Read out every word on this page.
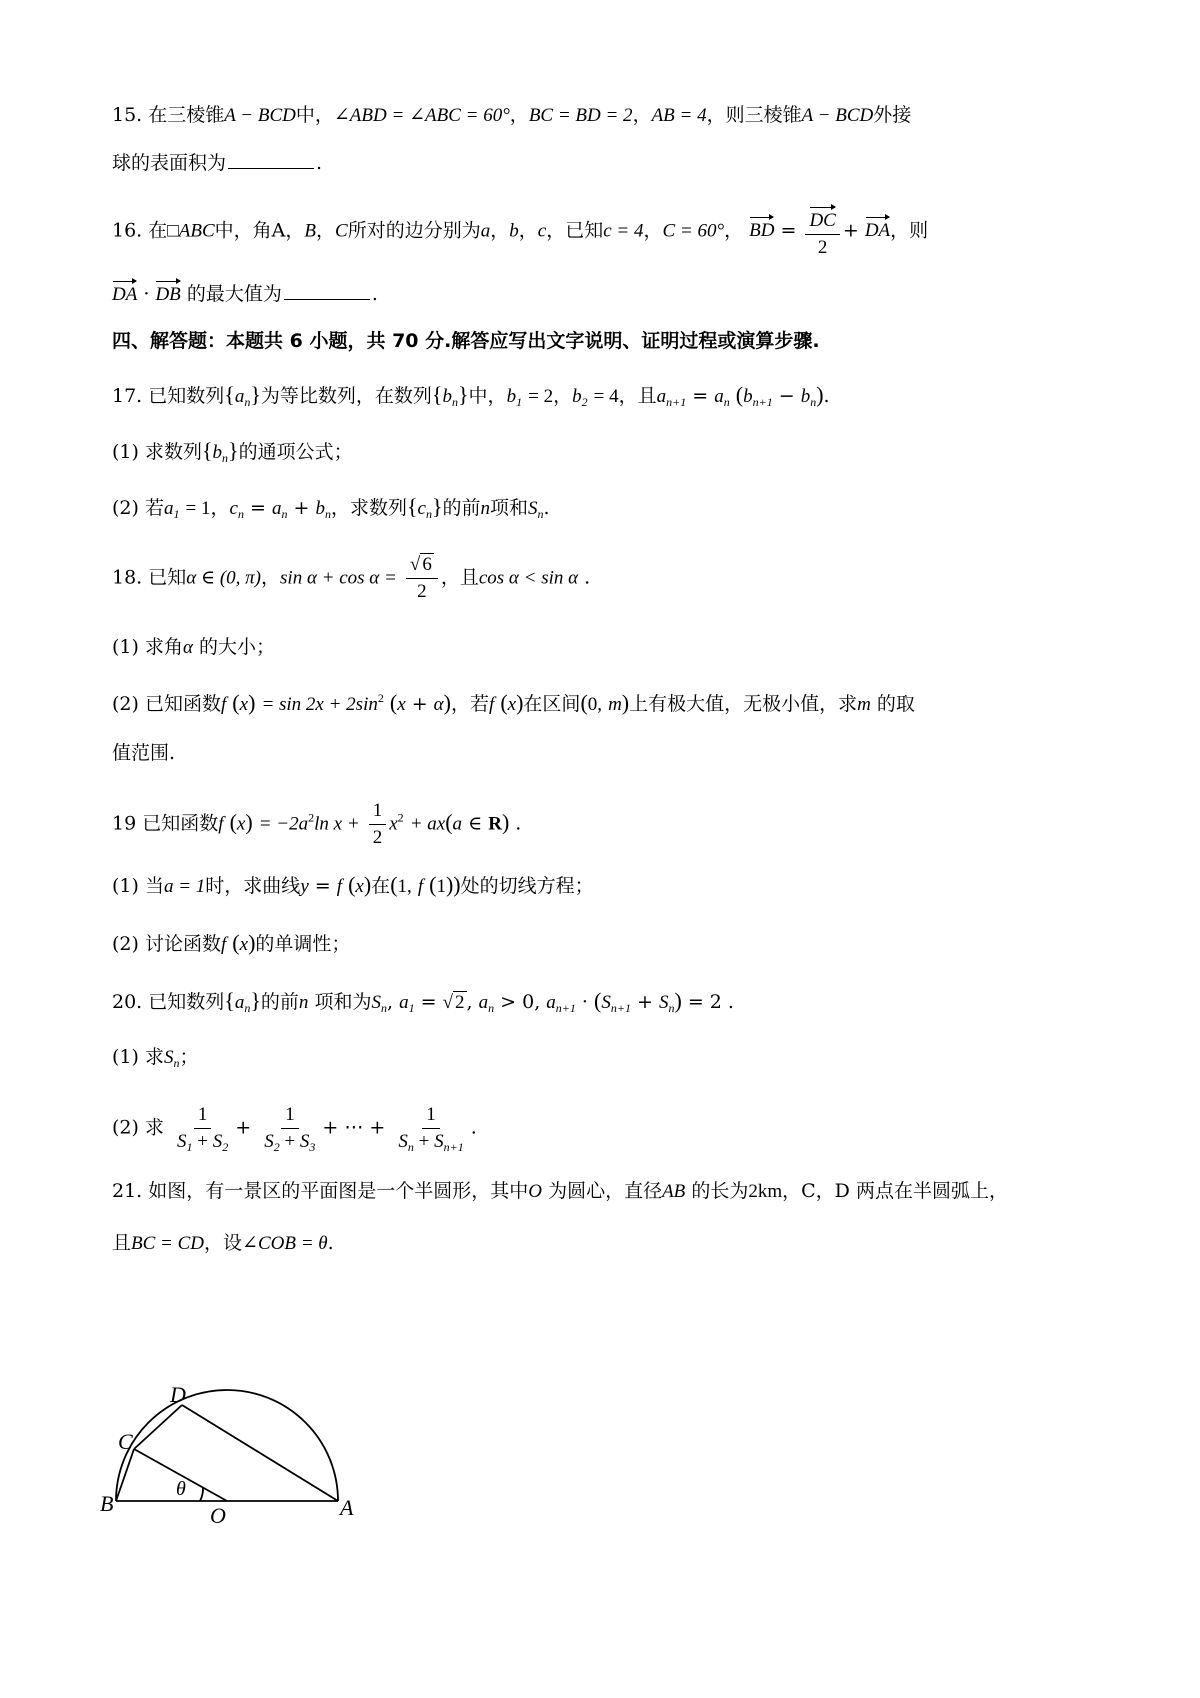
15. 在三棱锥A − BCD中，∠ABD = ∠ABC = 60°，BC = BD = 2，AB = 4，则三棱锥A − BCD外接
球的表面积为	.
16. 在□ABC中，角A，B，C所对的边分别为a，b，c，已知c = 4，C = 60°， BD = $\frac{DC}{2}$ + DA，则
DA · DB 的最大值为	.
四、解答题：本题共 6 小题，共 70 分.解答应写出文字说明、证明过程或演算步骤.
17. 已知数列$\{a_n\}$为等比数列，在数列$\{b_n\}$中，$b_1 = 2$，$b_2 = 4$，且$a_{n+1} = a_n$ $(b_{n+1} - b_n)$.
(1) 求数列$\{b_n\}$的通项公式；
(2) 若$a_1 = 1$，$c_n = a_n + b_n$，求数列$\{c_n\}$的前n项和$S_n$.
18. 已知α ∈ (0, π)，$\sin \alpha + \cos \alpha = \frac{√ 6}{2}$ ，且cos α < sin α .
(1) 求角α 的大小；
(2) 已知函数f $(x) = \sin 2x + 2\sin^2$ (x + α)，若f (x)在区间(0, m)上有极大值，无极小值，求m 的取
值范围.
19 已知函数f $(x) = -2a^2\ln$ $x + \frac{1}{2} x^2 + ax(a$ ∈ R) .
(1) 当a = 1时，求曲线y = f (x)在(1, f (1))处的切线方程；
(2) 讨论函数f (x)的单调性；
20. 已知数列$\{a_n\}$的前n 项和为$S_n$, $a_1$ = √ 2 , $a_n > 0$, $a_{n+1} \cdot (S_{n+1} + S_n) = 2$ .
(1) 求$S_n$；
(2) 求 $\frac{1}{S_1 + S_2} + \frac{1}{S_2 + S_3}$ + ⋯ + $\frac{1}{S_n + S_{n+1}}$ .
21. 如图，有一景区的平面图是一个半圆形，其中O 为圆心，直径AB 的长为2km，C，D 两点在半圆弧上，
且BC = CD，设∠COB = θ.
B
C
D
A
O
θ
